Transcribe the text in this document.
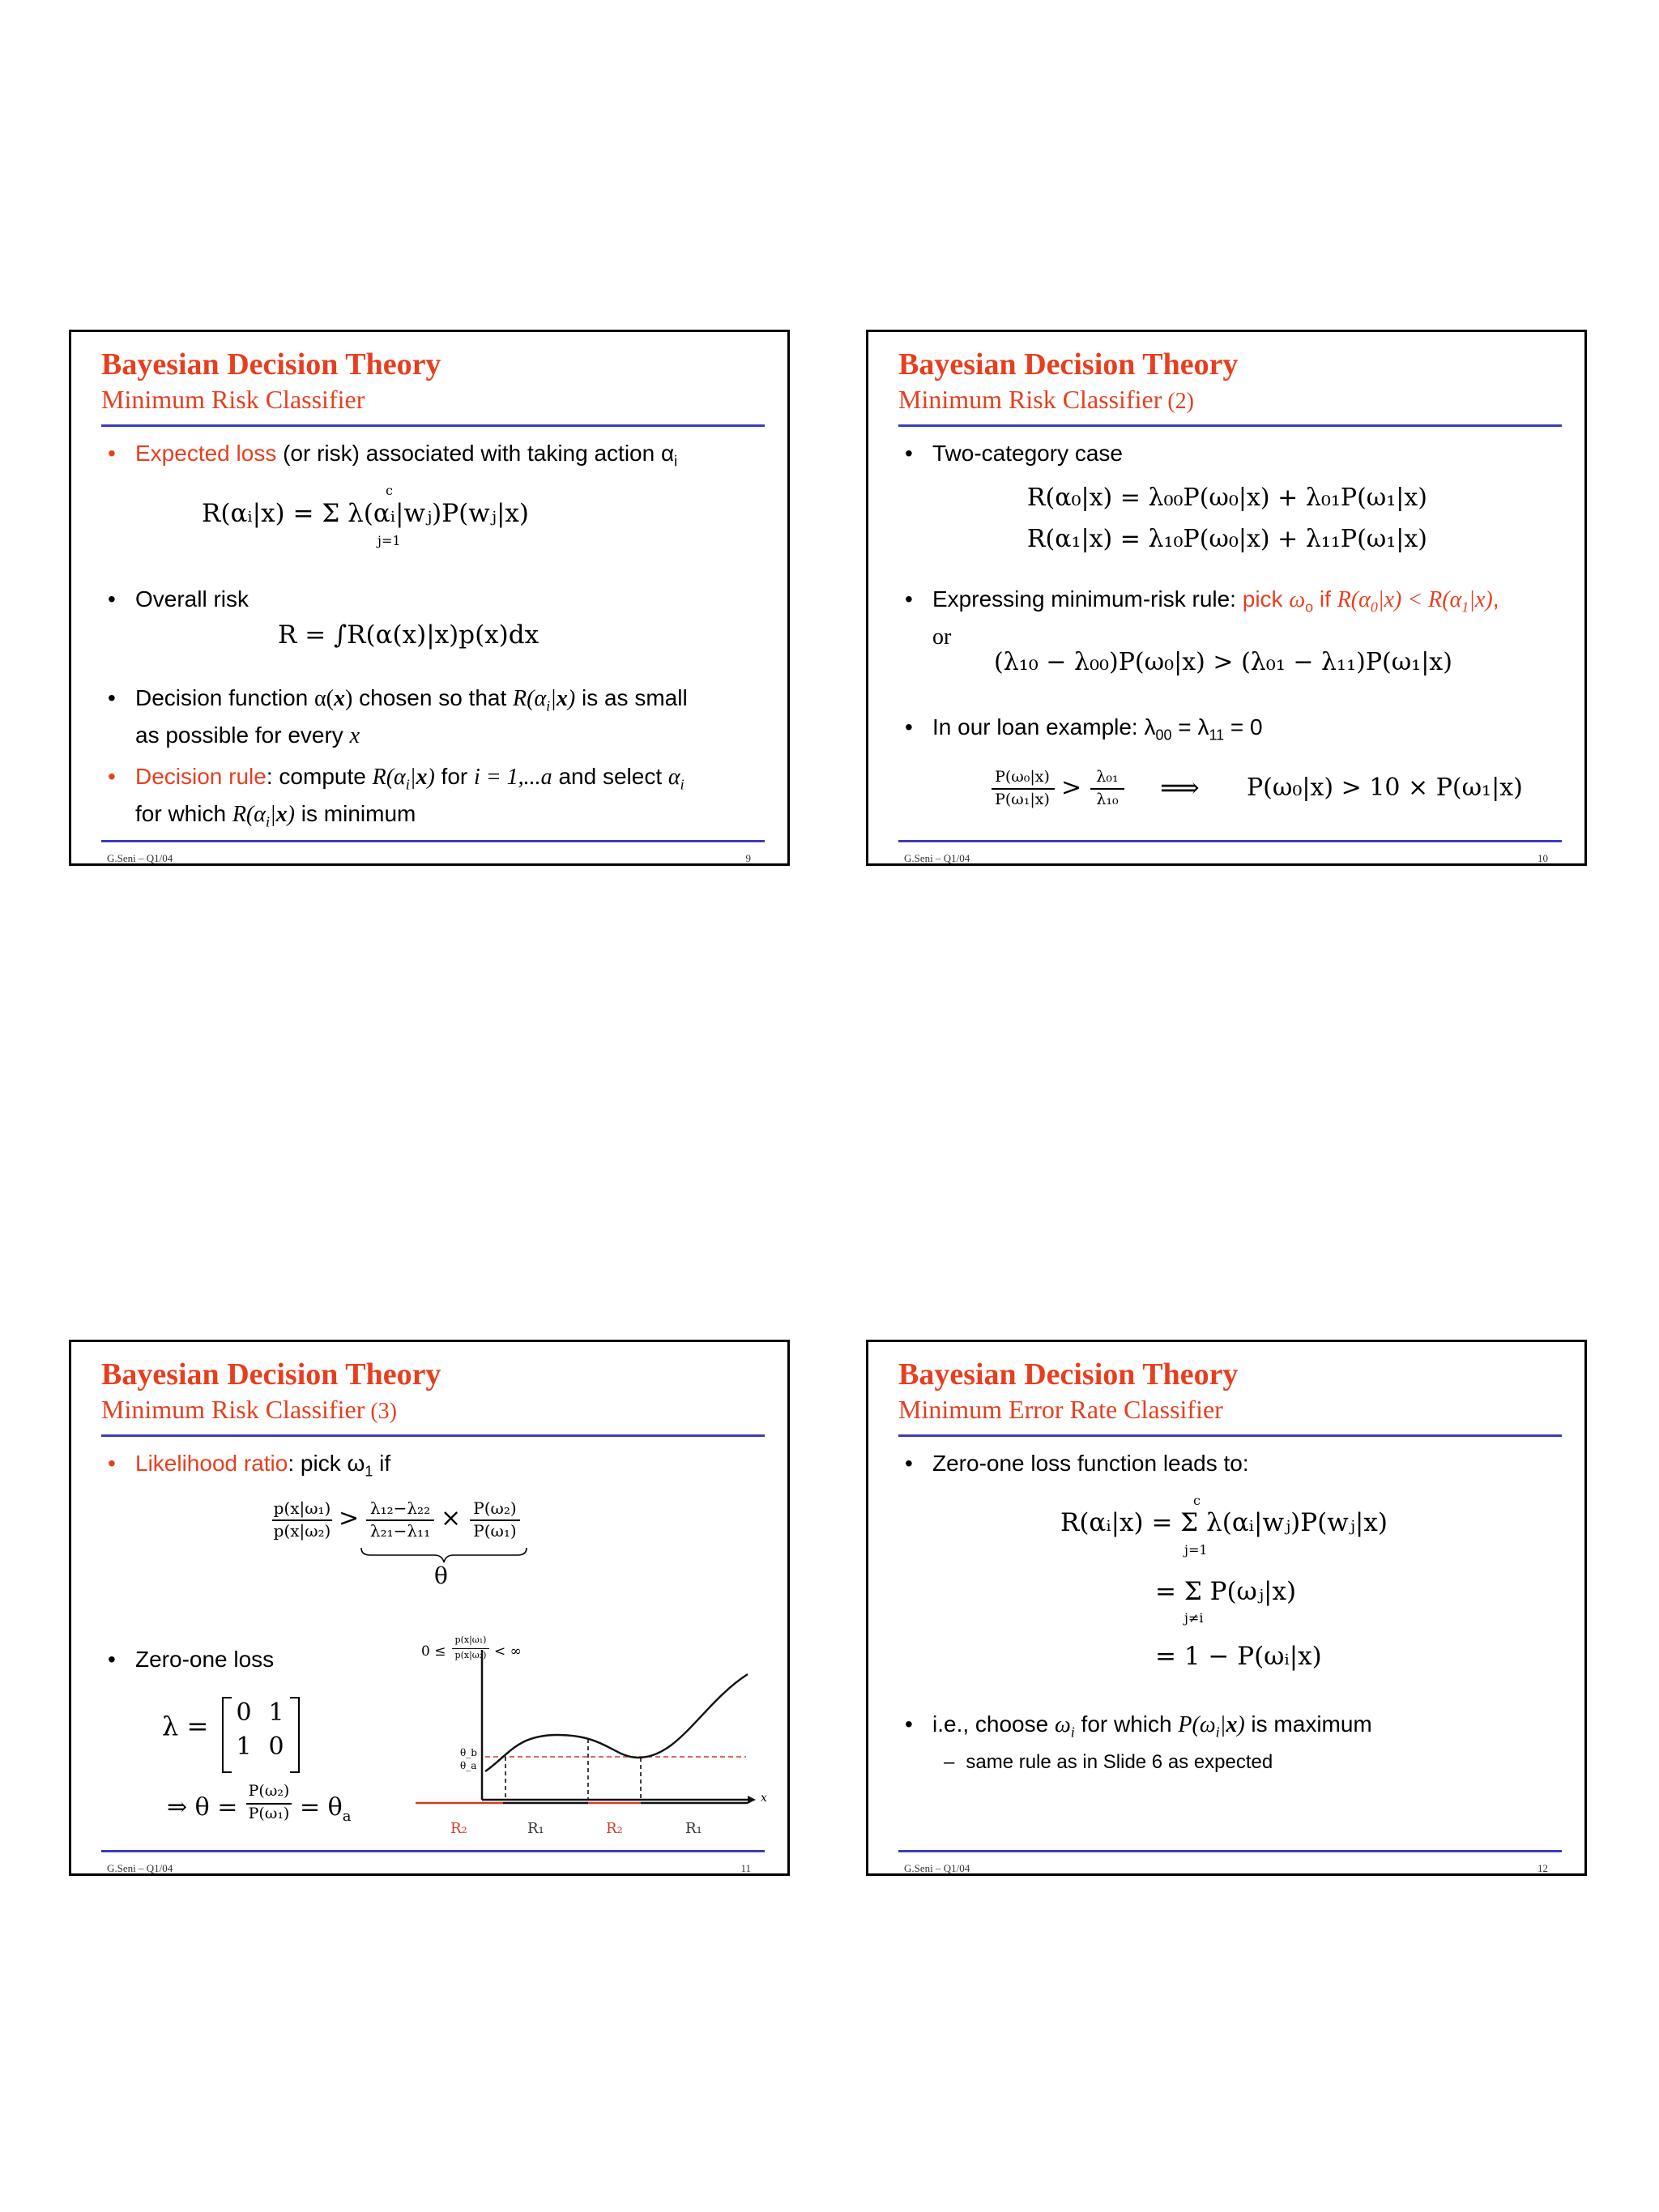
Bayesian Decision Theory
Minimum Risk Classifier
• Expected loss (or risk) associated with taking action $\alpha_i$
R(αᵢ|x) = Σ λ(αᵢ|wⱼ)P(wⱼ|x)
c
j=1
• Overall risk
R = ∫R(α(x)|x)p(x)dx
• Decision function α(x) chosen so that $R(\alpha_i|x)$ is as small
as possible for every x
• Decision rule: compute $R(\alpha_i|x)$ for i = 1,...a and select $\alpha_i$
for which $R(\alpha_i|x)$ is minimum
G.Seni – Q1/04	9
Bayesian Decision Theory
Minimum Risk Classifier (2)
• Two-category case
R(α₀|x) = λ₀₀P(ω₀|x) + λ₀₁P(ω₁|x)
R(α₁|x) = λ₁₀P(ω₀|x) + λ₁₁P(ω₁|x)
• Expressing minimum-risk rule: pick $\omega_o$ if $R(\alpha_0|x) < R(\alpha_1|x)$,
or
(λ₁₀ − λ₀₀)P(ω₀|x) > (λ₀₁ − λ₁₁)P(ω₁|x)
• In our loan example: $\lambda_{00} = \lambda_{11} = 0$
P(ω₀|x)
P(ω₁|x) > λ₀₁
λ₁₀	⟹ P(ω₀|x) > 10 × P(ω₁|x)
G.Seni – Q1/04	10
Bayesian Decision Theory
Minimum Risk Classifier (3)
• Likelihood ratio: pick $\omega_1$ if
p(x|ω₁)
p(x|ω₂) > λ₁₂−λ₂₂
λ₂₁−λ₁₁ × P(ω₂)
P(ω₁)
θ
• Zero-one loss
λ = 0 1
1 0
⇒ θ =
P(ω₂)
$P(\omega_1) = \theta_a$
0 ≤
p(x|ω₁)
p(x|ω₂) < ∞
θ_b
θ_a
x
R₂	R₁	R₂	R₁
G.Seni – Q1/04	11
Bayesian Decision Theory
Minimum Error Rate Classifier
• Zero-one loss function leads to:
R(αᵢ|x) = Σ λ(αᵢ|wⱼ)P(wⱼ|x)
c
j=1
= Σ P(ωⱼ|x)
j≠i
= 1 − P(ωᵢ|x)
• i.e., choose $\omega_i$ for which $P(\omega_i|x)$ is maximum
– same rule as in Slide 6 as expected
G.Seni – Q1/04	12
